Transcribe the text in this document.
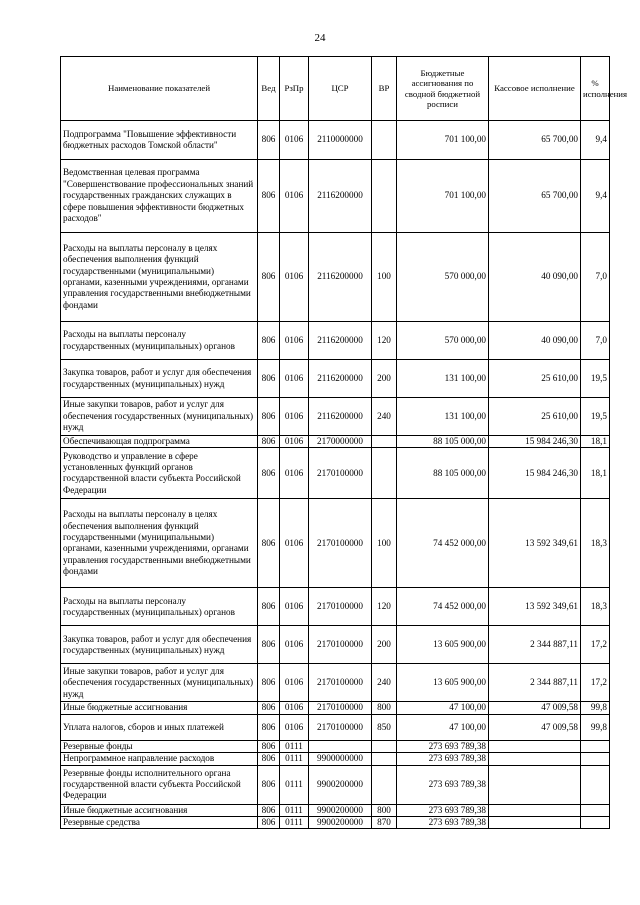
24
Наименование показателей	Вед	РзПр	ЦСР	ВР	Бюджетные ассигнования по сводной бюджетной росписи	Кассовое исполнение	% исполнения
Подпрограмма "Повышение эффективности бюджетных расходов Томской области"	806	0106	2110000000		701 100,00	65 700,00	9,4
Ведомственная целевая программа "Совершенствование профессиональных знаний государственных гражданских служащих в сфере повышения эффективности бюджетных расходов"	806	0106	2116200000		701 100,00	65 700,00	9,4
Расходы на выплаты персоналу в целях обеспечения выполнения функций государственными (муниципальными) органами, казенными учреждениями, органами управления государственными внебюджетными фондами	806	0106	2116200000	100	570 000,00	40 090,00	7,0
Расходы на выплаты персоналу государственных (муниципальных) органов	806	0106	2116200000	120	570 000,00	40 090,00	7,0
Закупка товаров, работ и услуг для обеспечения государственных (муниципальных) нужд	806	0106	2116200000	200	131 100,00	25 610,00	19,5
Иные закупки товаров, работ и услуг для обеспечения государственных (муниципальных) нужд	806	0106	2116200000	240	131 100,00	25 610,00	19,5
Обеспечивающая подпрограмма	806	0106	2170000000		88 105 000,00	15 984 246,30	18,1
Руководство и управление в сфере установленных функций органов государственной власти субъекта Российской Федерации	806	0106	2170100000		88 105 000,00	15 984 246,30	18,1
Расходы на выплаты персоналу в целях обеспечения выполнения функций государственными (муниципальными) органами, казенными учреждениями, органами управления государственными внебюджетными фондами	806	0106	2170100000	100	74 452 000,00	13 592 349,61	18,3
Расходы на выплаты персоналу государственных (муниципальных) органов	806	0106	2170100000	120	74 452 000,00	13 592 349,61	18,3
Закупка товаров, работ и услуг для обеспечения государственных (муниципальных) нужд	806	0106	2170100000	200	13 605 900,00	2 344 887,11	17,2
Иные закупки товаров, работ и услуг для обеспечения государственных (муниципальных) нужд	806	0106	2170100000	240	13 605 900,00	2 344 887,11	17,2
Иные бюджетные ассигнования	806	0106	2170100000	800	47 100,00	47 009,58	99,8
Уплата налогов, сборов и иных платежей	806	0106	2170100000	850	47 100,00	47 009,58	99,8
Резервные фонды	806	0111			273 693 789,38		
Непрограммное направление расходов	806	0111	9900000000		273 693 789,38		
Резервные фонды исполнительного органа государственной власти субъекта Российской Федерации	806	0111	9900200000		273 693 789,38		
Иные бюджетные ассигнования	806	0111	9900200000	800	273 693 789,38		
Резервные средства	806	0111	9900200000	870	273 693 789,38		
